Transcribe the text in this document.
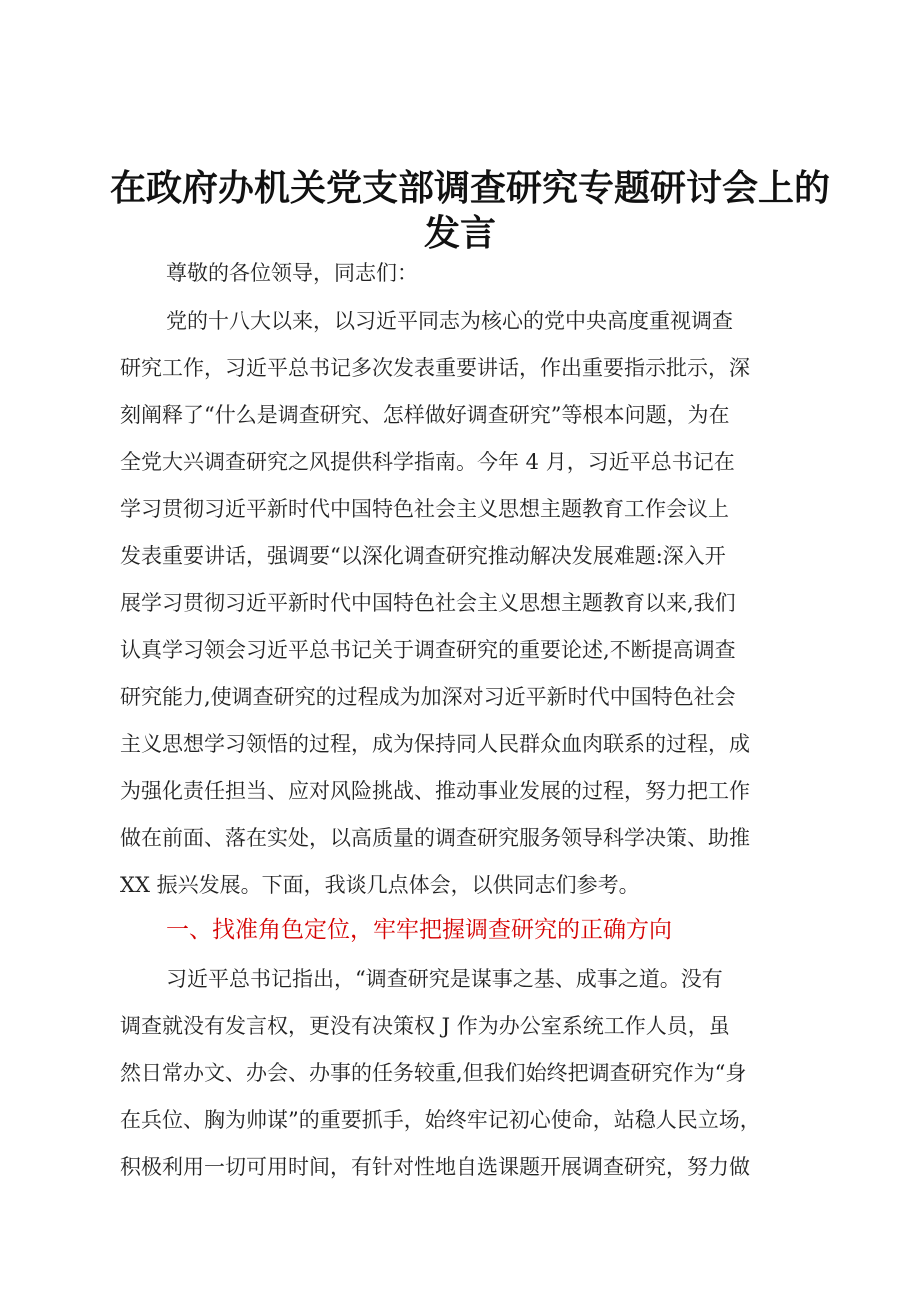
在政府办机关党支部调查研究专题研讨会上的
发言

尊敬的各位领导，同志们：

党的十八大以来，以习近平同志为核心的党中央高度重视调查

研究工作，习近平总书记多次发表重要讲话，作出重要指示批示，深

刻阐释了“什么是调查研究、怎样做好调查研究”等根本问题，为在

全党大兴调查研究之风提供科学指南。今年 4 月，习近平总书记在

学习贯彻习近平新时代中国特色社会主义思想主题教育工作会议上

发表重要讲话，强调要“以深化调查研究推动解决发展难题:深入开

展学习贯彻习近平新时代中国特色社会主义思想主题教育以来,我们

认真学习领会习近平总书记关于调查研究的重要论述,不断提高调查

研究能力,使调查研究的过程成为加深对习近平新时代中国特色社会

主义思想学习领悟的过程，成为保持同人民群众血肉联系的过程，成

为强化责任担当、应对风险挑战、推动事业发展的过程，努力把工作

做在前面、落在实处，以高质量的调查研究服务领导科学决策、助推

XX 振兴发展。下面，我谈几点体会，以供同志们参考。

一、找准角色定位，牢牢把握调查研究的正确方向

习近平总书记指出，“调查研究是谋事之基、成事之道。没有

调查就没有发言权，更没有决策权 J 作为办公室系统工作人员，虽

然日常办文、办会、办事的任务较重,但我们始终把调查研究作为“身

在兵位、胸为帅谋”的重要抓手，始终牢记初心使命，站稳人民立场，

积极利用一切可用时间，有针对性地自选课题开展调查研究，努力做
